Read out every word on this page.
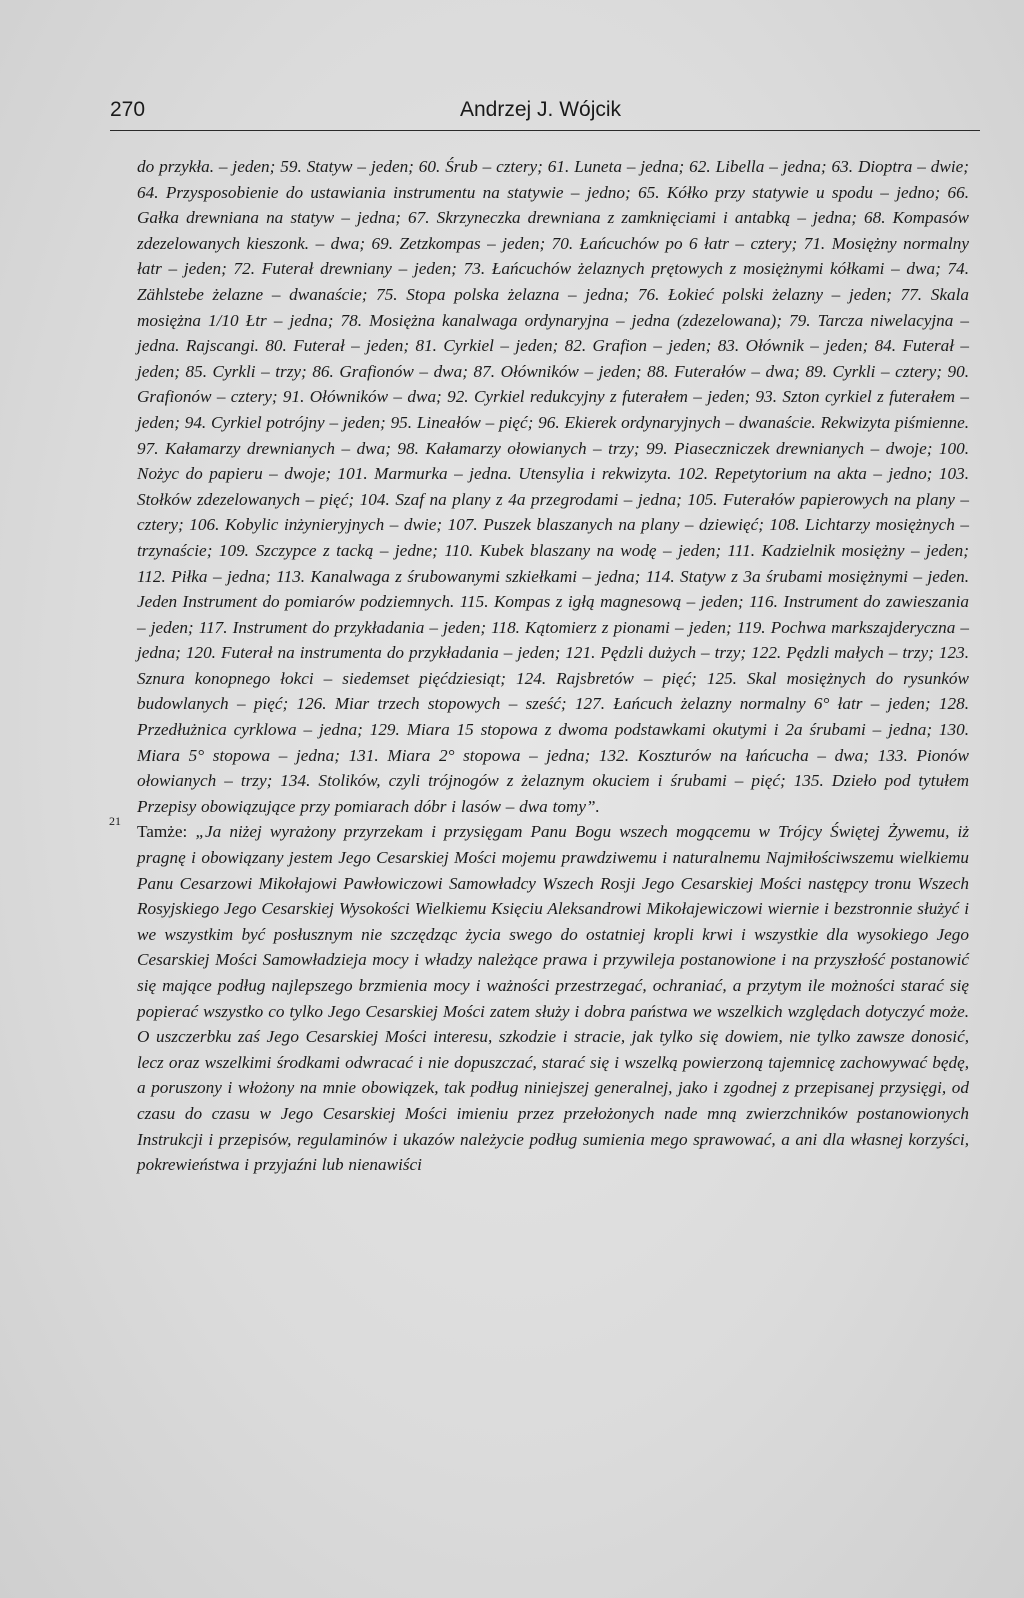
270	Andrzej J. Wójcik

do przykła. – jeden; 59. Statyw – jeden; 60. Śrub – cztery; 61. Luneta – jedna; 62. Libella – jedna; 63. Dioptra – dwie; 64. Przysposobienie do ustawiania instrumentu na statywie – jedno; 65. Kółko przy statywie u spodu – jedno; 66. Gałka drewniana na statyw – jedna; 67. Skrzyneczka drewniana z zamknięciami i antabką – jedna; 68. Kompasów zdezelowanych kieszonk. – dwa; 69. Zetzkompas – jeden; 70. Łańcuchów po 6 łatr – cztery; 71. Mosiężny normalny łatr – jeden; 72. Futerał drewniany – jeden; 73. Łańcuchów żelaznych prętowych z mosiężnymi kółkami – dwa; 74. Zählstebe żelazne – dwanaście; 75. Stopa polska żelazna – jedna; 76. Łokieć polski żelazny – jeden; 77. Skala mosiężna 1/10 Łtr – jedna; 78. Mosiężna kanalwaga ordynaryjna – jedna (zdezelowana); 79. Tarcza niwelacyjna – jedna. Rajscangi. 80. Futerał – jeden; 81. Cyrkiel – jeden; 82. Grafion – jeden; 83. Ołównik – jeden; 84. Futerał – jeden; 85. Cyrkli – trzy; 86. Grafionów – dwa; 87. Ołówników – jeden; 88. Futerałów – dwa; 89. Cyrkli – cztery; 90. Grafionów – cztery; 91. Ołówników – dwa; 92. Cyrkiel redukcyjny z futerałem – jeden; 93. Szton cyrkiel z futerałem – jeden; 94. Cyrkiel potrójny – jeden; 95. Lineałów – pięć; 96. Ekierek ordynaryjnych – dwanaście. Rekwizyta piśmienne. 97. Kałamarzy drewnianych – dwa; 98. Kałamarzy ołowianych – trzy; 99. Piaseczniczek drewnianych – dwoje; 100. Nożyc do papieru – dwoje; 101. Marmurka – jedna. Utensylia i rekwizyta. 102. Repetytorium na akta – jedno; 103. Stołków zdezelowanych – pięć; 104. Szaf na plany z 4a przegrodami – jedna; 105. Futerałów papierowych na plany – cztery; 106. Kobylic inżynieryjnych – dwie; 107. Puszek blaszanych na plany – dziewięć; 108. Lichtarzy mosiężnych – trzynaście; 109. Szczypce z tacką – jedne; 110. Kubek blaszany na wodę – jeden; 111. Kadzielnik mosiężny – jeden; 112. Piłka – jedna; 113. Kanalwaga z śrubowanymi szkiełkami – jedna; 114. Statyw z 3a śrubami mosiężnymi – jeden. Jeden Instrument do pomiarów podziemnych. 115. Kompas z igłą magnesową – jeden; 116. Instrument do zawieszania – jeden; 117. Instrument do przykładania – jeden; 118. Kątomierz z pionami – jeden; 119. Pochwa markszajderyczna – jedna; 120. Futerał na instrumenta do przykładania – jeden; 121. Pędzli dużych – trzy; 122. Pędzli małych – trzy; 123. Sznura konopnego łokci – siedemset pięćdziesiąt; 124. Rajsbretów – pięć; 125. Skal mosiężnych do rysunków budowlanych – pięć; 126. Miar trzech stopowych – sześć; 127. Łańcuch żelazny normalny 6° łatr – jeden; 128. Przedłużnica cyrklowa – jedna; 129. Miara 15 stopowa z dwoma podstawkami okutymi i 2a śrubami – jedna; 130. Miara 5° stopowa – jedna; 131. Miara 2° stopowa – jedna; 132. Koszturów na łańcucha – dwa; 133. Pionów ołowianych – trzy; 134. Stolików, czyli trójnogów z żelaznym okuciem i śrubami – pięć; 135. Dzieło pod tytułem Przepisy obowiązujące przy pomiarach dóbr i lasów – dwa tomy”.

21
Tamże: „Ja niżej wyrażony przyrzekam i przysięgam Panu Bogu wszech mogącemu w Trójcy Świętej Żywemu, iż pragnę i obowiązany jestem Jego Cesarskiej Mości mojemu prawdziwemu i naturalnemu Najmiłościwszemu wielkiemu Panu Cesarzowi Mikołajowi Pawłowiczowi Samowładcy Wszech Rosji Jego Cesarskiej Mości następcy tronu Wszech Rosyjskiego Jego Cesarskiej Wysokości Wielkiemu Księciu Aleksandrowi Mikołajewiczowi wiernie i bezstronnie służyć i we wszystkim być posłusznym nie szczędząc życia swego do ostatniej kropli krwi i wszystkie dla wysokiego Jego Cesarskiej Mości Samowładzieja mocy i władzy należące prawa i przywileja postanowione i na przyszłość postanowić się mające podług najlepszego brzmienia mocy i ważności przestrzegać, ochraniać, a przytym ile możności starać się popierać wszystko co tylko Jego Cesarskiej Mości zatem służy i dobra państwa we wszelkich względach dotyczyć może. O uszczerbku zaś Jego Cesarskiej Mości interesu, szkodzie i stracie, jak tylko się dowiem, nie tylko zawsze donosić, lecz oraz wszelkimi środkami odwracać i nie dopuszczać, starać się i wszelką powierzoną tajemnicę zachowywać będę, a poruszony i włożony na mnie obowiązek, tak podług niniejszej generalnej, jako i zgodnej z przepisanej przysięgi, od czasu do czasu w Jego Cesarskiej Mości imieniu przez przełożonych nade mną zwierzchników postanowionych Instrukcji i przepisów, regulaminów i ukazów należycie podług sumienia mego sprawować, a ani dla własnej korzyści, pokrewieństwa i przyjaźni lub nienawiści
